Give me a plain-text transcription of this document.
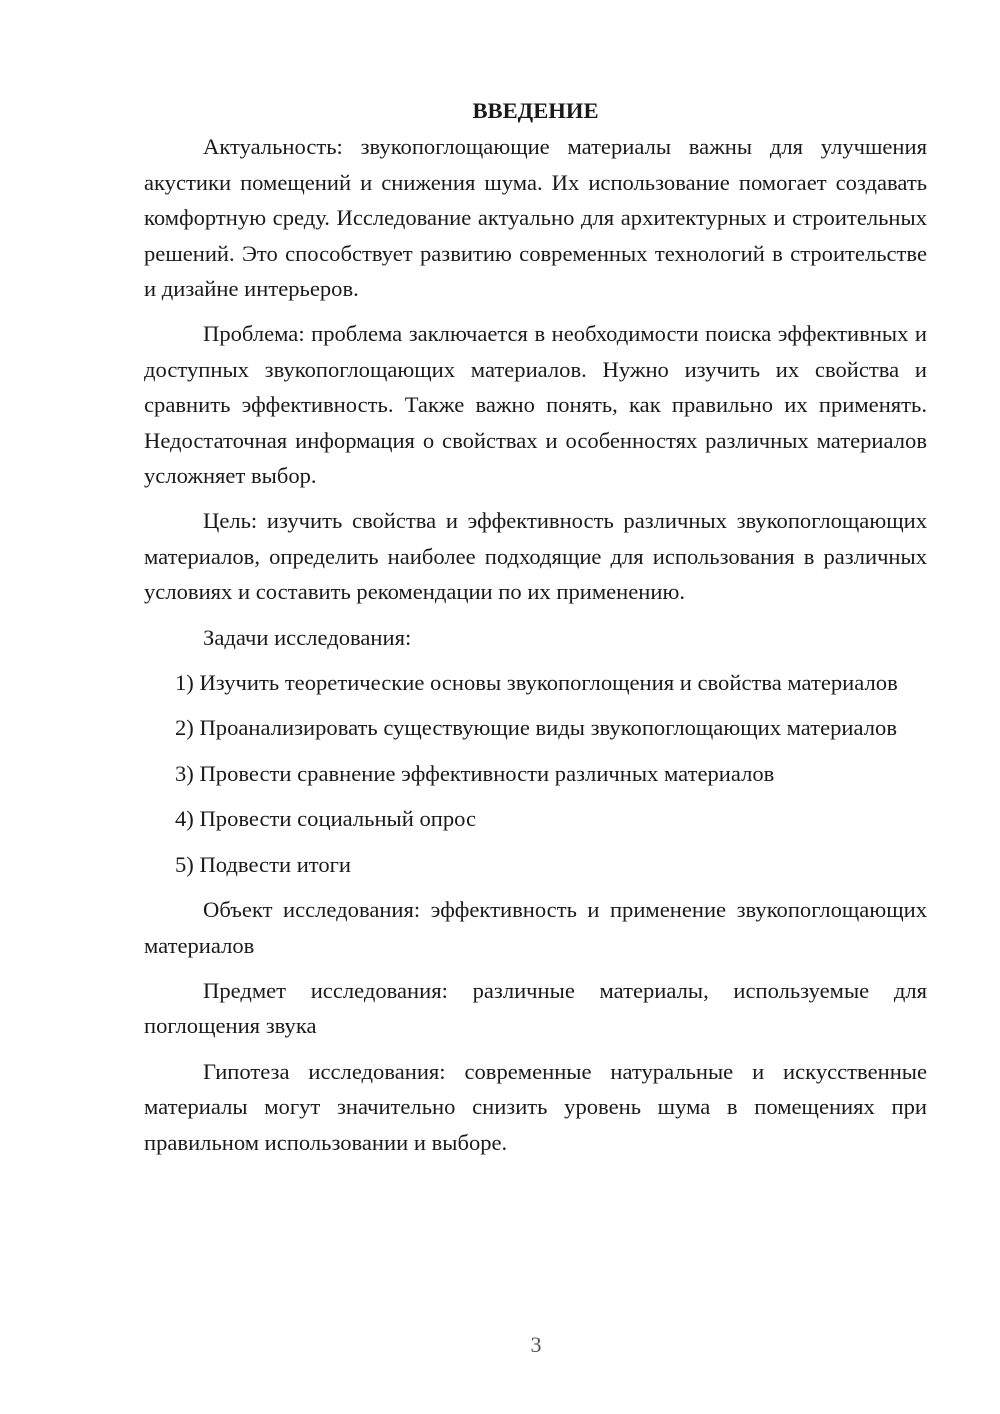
ВВЕДЕНИЕ

Актуальность: звукопоглощающие материалы важны для улучшения акустики помещений и снижения шума. Их использование помогает создавать комфортную среду. Исследование актуально для архитектурных и строительных решений. Это способствует развитию современных технологий в строительстве и дизайне интерьеров.

Проблема: проблема заключается в необходимости поиска эффективных и доступных звукопоглощающих материалов. Нужно изучить их свойства и сравнить эффективность. Также важно понять, как правильно их применять. Недостаточная информация о свойствах и особенностях различных материалов усложняет выбор.

Цель: изучить свойства и эффективность различных звукопоглощающих материалов, определить наиболее подходящие для использования в различных условиях и составить рекомендации по их применению.

Задачи исследования:

1) Изучить теоретические основы звукопоглощения и свойства материалов

2) Проанализировать существующие виды звукопоглощающих материалов

3) Провести сравнение эффективности различных материалов

4) Провести социальный опрос

5) Подвести итоги

Объект исследования: эффективность и применение звукопоглощающих материалов

Предмет исследования: различные материалы, используемые для поглощения звука

Гипотеза исследования: современные натуральные и искусственные материалы могут значительно снизить уровень шума в помещениях при правильном использовании и выборе.

3
